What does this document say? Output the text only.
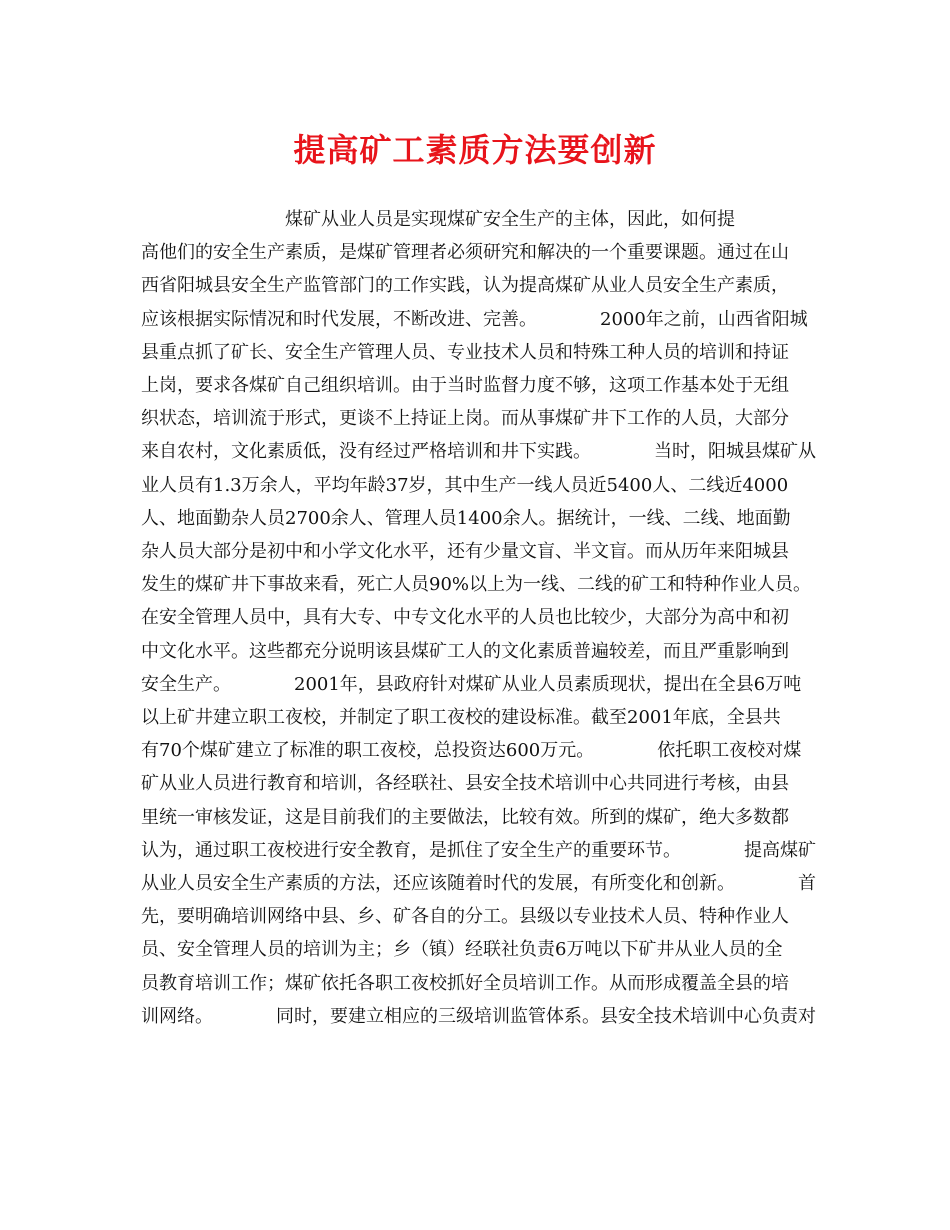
提高矿工素质方法要创新
　　　　　　　　煤矿从业人员是实现煤矿安全生产的主体，因此，如何提
高他们的安全生产素质，是煤矿管理者必须研究和解决的一个重要课题。通过在山
西省阳城县安全生产监管部门的工作实践，认为提高煤矿从业人员安全生产素质，
应该根据实际情况和时代发展，不断改进、完善。　　　　2000年之前，山西省阳城
县重点抓了矿长、安全生产管理人员、专业技术人员和特殊工种人员的培训和持证
上岗，要求各煤矿自己组织培训。由于当时监督力度不够，这项工作基本处于无组
织状态，培训流于形式，更谈不上持证上岗。而从事煤矿井下工作的人员，大部分
来自农村，文化素质低，没有经过严格培训和井下实践。　　　　当时，阳城县煤矿从
业人员有1.3万余人，平均年龄37岁，其中生产一线人员近5400人、二线近4000
人、地面勤杂人员2700余人、管理人员1400余人。据统计，一线、二线、地面勤
杂人员大部分是初中和小学文化水平，还有少量文盲、半文盲。而从历年来阳城县
发生的煤矿井下事故来看，死亡人员90%以上为一线、二线的矿工和特种作业人员。
在安全管理人员中，具有大专、中专文化水平的人员也比较少，大部分为高中和初
中文化水平。这些都充分说明该县煤矿工人的文化素质普遍较差，而且严重影响到
安全生产。　　　　2001年，县政府针对煤矿从业人员素质现状，提出在全县6万吨
以上矿井建立职工夜校，并制定了职工夜校的建设标准。截至2001年底，全县共
有70个煤矿建立了标准的职工夜校，总投资达600万元。　　　　依托职工夜校对煤
矿从业人员进行教育和培训，各经联社、县安全技术培训中心共同进行考核，由县
里统一审核发证，这是目前我们的主要做法，比较有效。所到的煤矿，绝大多数都
认为，通过职工夜校进行安全教育，是抓住了安全生产的重要环节。　　　　提高煤矿
从业人员安全生产素质的方法，还应该随着时代的发展，有所变化和创新。　　　　首
先，要明确培训网络中县、乡、矿各自的分工。县级以专业技术人员、特种作业人
员、安全管理人员的培训为主；乡（镇）经联社负责6万吨以下矿井从业人员的全
员教育培训工作；煤矿依托各职工夜校抓好全员培训工作。从而形成覆盖全县的培
训网络。　　　　同时，要建立相应的三级培训监管体系。县安全技术培训中心负责对
